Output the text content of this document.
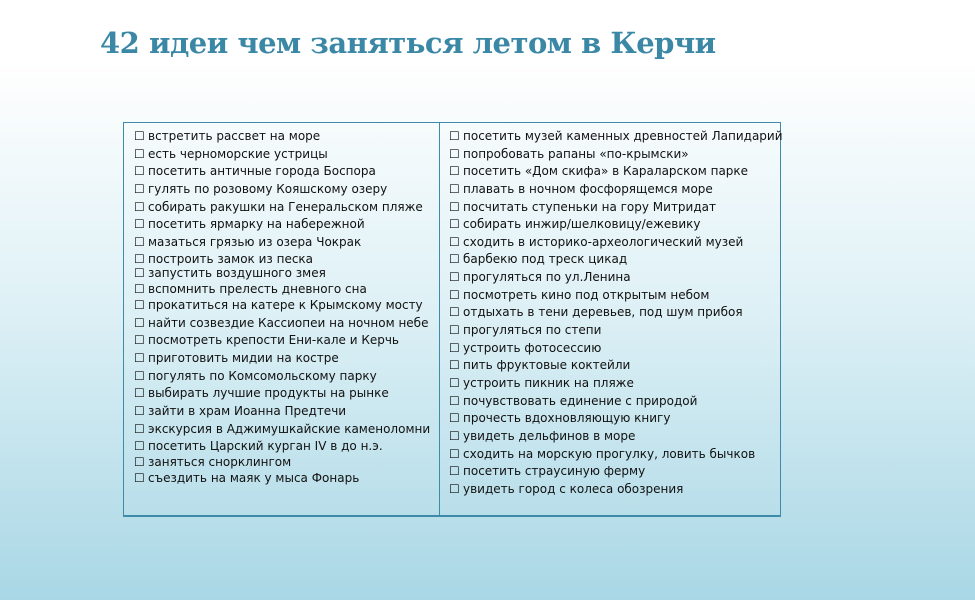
42 идеи чем заняться летом в Керчи
☐ встретить рассвет на море
☐ есть черноморские устрицы
☐ посетить античные города Боспора
☐ гулять по розовому Кояшскому озеру
☐ собирать ракушки на Генеральском пляже
☐ посетить ярмарку на набережной
☐ мазаться грязью из озера Чокрак
☐ построить замок из песка
☐ запустить воздушного змея
☐ вспомнить прелесть дневного сна
☐ прокатиться на катере к Крымскому мосту
☐ найти созвездие Кассиопеи на ночном небе
☐ посмотреть крепости Ени-кале и Керчь
☐ приготовить мидии на костре
☐ погулять по Комсомольскому парку
☐ выбирать лучшие продукты на рынке
☐ зайти в храм Иоанна Предтечи
☐ экскурсия в Аджимушкайские каменоломни
☐ посетить Царский курган IV в до н.э.
☐ заняться снорклингом
☐ съездить на маяк у мыса Фонарь
☐ посетить музей каменных древностей Лапидарий
☐ попробовать рапаны «по-крымски»
☐ посетить «Дом скифа» в Караларском парке
☐ плавать в ночном фосфорящемся море
☐ посчитать ступеньки на гору Митридат
☐ собирать инжир/шелковицу/ежевику
☐ сходить в историко-археологический музей
☐ барбекю под треск цикад
☐ прогуляться по ул.Ленина
☐ посмотреть кино под открытым небом
☐ отдыхать в тени деревьев, под шум прибоя
☐ прогуляться по степи
☐ устроить фотосессию
☐ пить фруктовые коктейли
☐ устроить пикник на пляже
☐ почувствовать единение с природой
☐ прочесть вдохновляющую книгу
☐ увидеть дельфинов в море
☐ сходить на морскую прогулку, ловить бычков
☐ посетить страусиную ферму
☐ увидеть город с колеса обозрения
